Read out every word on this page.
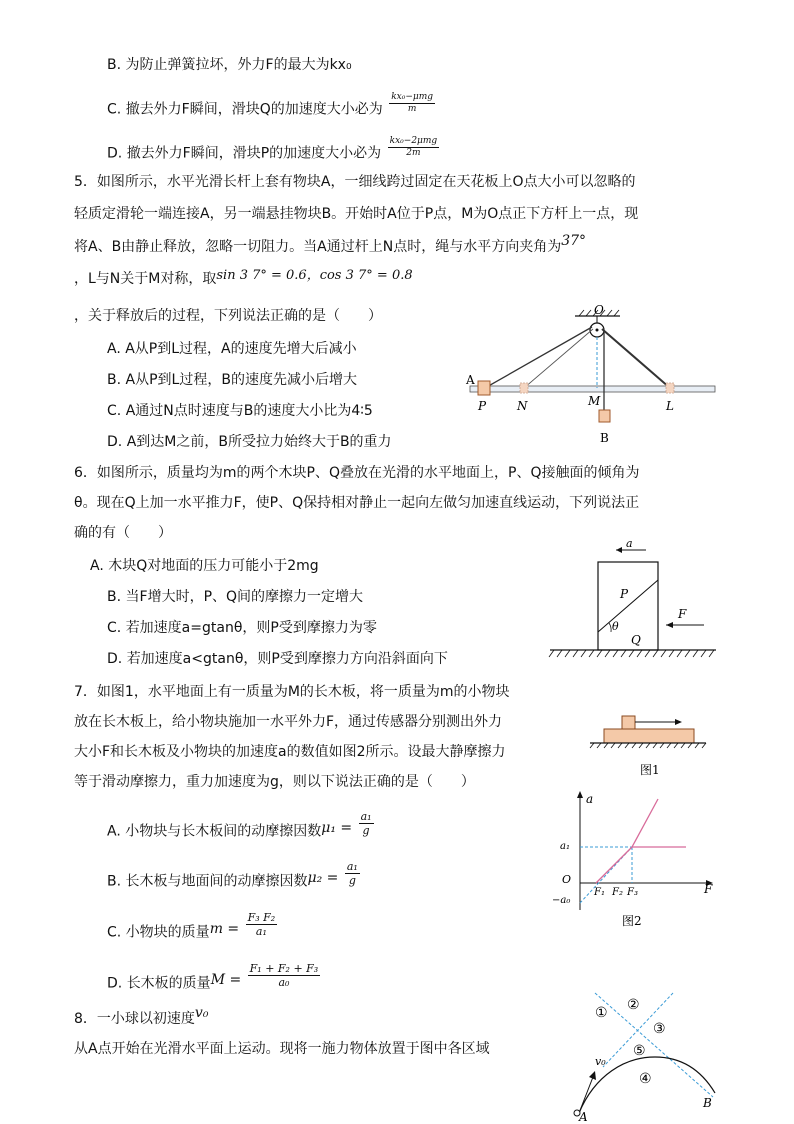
B. 为防止弹簧拉坏，外力F的最大为kx₀
C. 撤去外力F瞬间，滑块Q的加速度大小必为 $\frac{\text{kx₀−μmg}}{m}$
D. 撤去外力F瞬间，滑块P的加速度大小必为 $\frac{\text{kx₀−2μmg}}{2m}$
5．如图所示，水平光滑长杆上套有物块A，一细线跨过固定在天花板上O点大小可以忽略的
轻质定滑轮一端连接A，另一端悬挂物块B。开始时A位于P点，M为O点正下方杆上一点，现
将A、B由静止释放，忽略一切阻力。当A通过杆上N点时，绳与水平方向夹角为37°
，L与N关于M对称，取sin 3 7° = 0.6，cos 3 7° = 0.8
，关于释放后的过程，下列说法正确的是（　　）
A. A从P到L过程，A的速度先增大后减小
B. A从P到L过程，B的速度先减小后增大
C. A通过N点时速度与B的速度大小比为4∶5
D. A到达M之前，B所受拉力始终大于B的重力
O
A
P	N	M	L
B
6．如图所示，质量均为m的两个木块P、Q叠放在光滑的水平地面上，P、Q接触面的倾角为
θ。现在Q上加一水平推力F，使P、Q保持相对静止一起向左做匀加速直线运动，下列说法正
确的有（　　）
A. 木块Q对地面的压力可能小于2mg
B. 当F增大时，P、Q间的摩擦力一定增大
C. 若加速度a=gtanθ，则P受到摩擦力为零
D. 若加速度a<gtanθ，则P受到摩擦力方向沿斜面向下
a
P
θ
Q
F
7．如图1，水平地面上有一质量为M的长木板，将一质量为m的小物块
放在长木板上，给小物块施加一水平外力F，通过传感器分别测出外力
大小F和长木板及小物块的加速度a的数值如图2所示。设最大静摩擦力
等于滑动摩擦力，重力加速度为g，则以下说法正确的是（　　）
A. 小物块与长木板间的动摩擦因数$\mu_1 = \frac{\text{a₁}}{g}$
B. 长木板与地面间的动摩擦因数$\mu_2 = \frac{\text{a₁}}{g}$
C. 小物块的质量$m = \frac{\text{F₃ F₂}}{\text{a₁}}$
D. 长木板的质量$M = \frac{\text{F₁ + F₂ + F₃}}{\text{a₀}}$
图1
a
F
O
a₁
−a₀
F₁ F₂ F₃
图2
8．一小球以初速度v₀
从A点开始在光滑水平面上运动。现将一施力物体放置于图中各区域
① ②
③
⑤
④
v₀
A
B
